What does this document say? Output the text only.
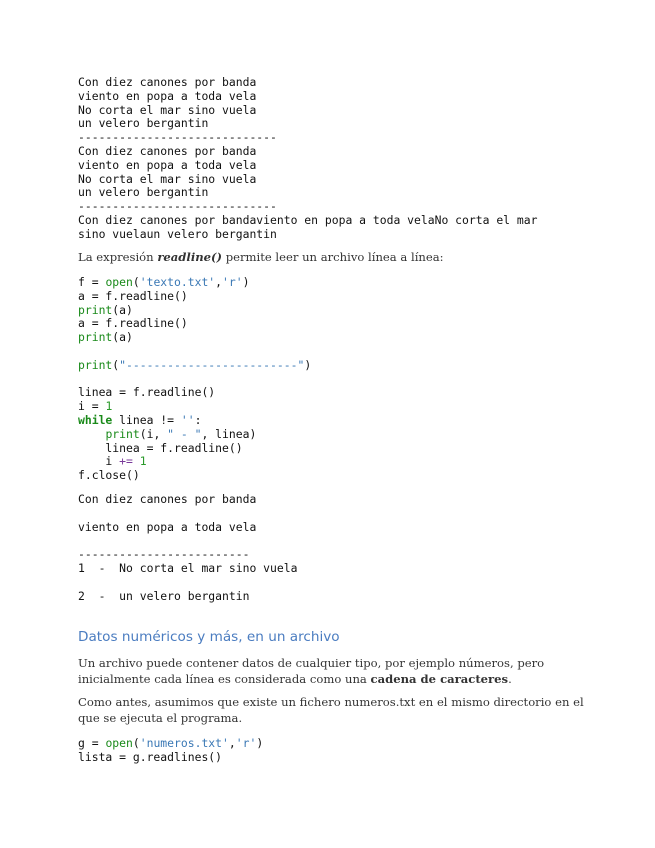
Con diez canones por banda
viento en popa a toda vela
No corta el mar sino vuela
un velero bergantin
-----------------------------
Con diez canones por banda
viento en popa a toda vela
No corta el mar sino vuela
un velero bergantin
-----------------------------
Con diez canones por bandaviento en popa a toda velaNo corta el mar
sino vuelaun velero bergantin

La expresión readline() permite leer un archivo línea a línea:

f = open('texto.txt','r')
a = f.readline()
print(a)
a = f.readline()
print(a)

print("-------------------------")

linea = f.readline()
i = 1
while linea != '':
print(i, " - ", linea)
linea = f.readline()
i += 1
f.close()
Con diez canones por banda

viento en popa a toda vela

-------------------------
1  -  No corta el mar sino vuela

2  -  un velero bergantin
Datos numéricos y más, en un archivo

Un archivo puede contener datos de cualquier tipo, por ejemplo números, pero inicialmente cada línea es considerada como una cadena de caracteres.

Como antes, asumimos que existe un fichero numeros.txt en el mismo directorio en el que se ejecuta el programa.

g = open('numeros.txt','r')
lista = g.readlines()
